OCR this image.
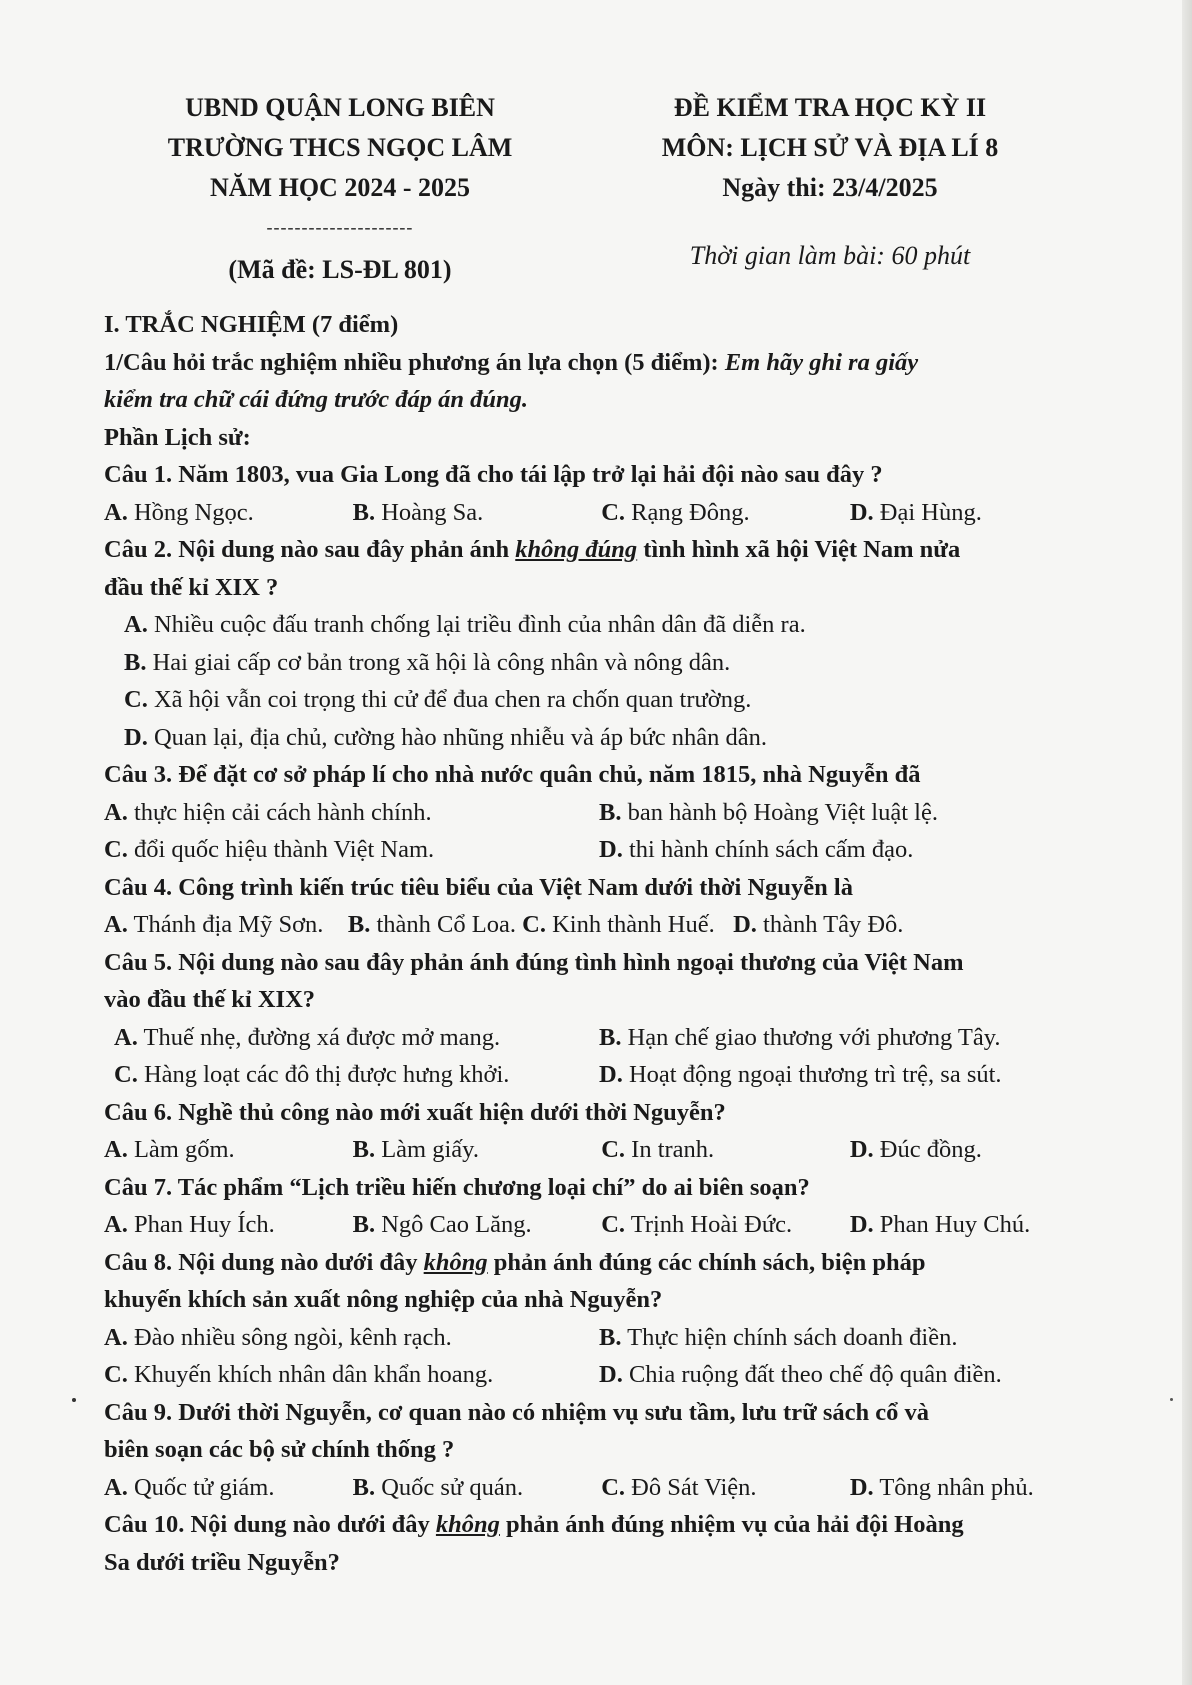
UBND QUẬN LONG BIÊN
TRƯỜNG THCS NGỌC LÂM
NĂM HỌC 2024 - 2025
---------------------
(Mã đề: LS-ĐL 801)
ĐỀ KIỂM TRA HỌC KỲ II
MÔN: LỊCH SỬ VÀ ĐỊA LÍ 8
Ngày thi: 23/4/2025
Thời gian làm bài: 60 phút
I. TRẮC NGHIỆM (7 điểm)
1/Câu hỏi trắc nghiệm nhiều phương án lựa chọn (5 điểm): Em hãy ghi ra giấy
kiểm tra chữ cái đứng trước đáp án đúng.
Phần Lịch sử:
Câu 1. Năm 1803, vua Gia Long đã cho tái lập trở lại hải đội nào sau đây ?
A. Hồng Ngọc.	B. Hoàng Sa.	C. Rạng Đông.	D. Đại Hùng.
Câu 2. Nội dung nào sau đây phản ánh không đúng tình hình xã hội Việt Nam nửa
đầu thế kỉ XIX ?
A. Nhiều cuộc đấu tranh chống lại triều đình của nhân dân đã diễn ra.
B. Hai giai cấp cơ bản trong xã hội là công nhân và nông dân.
C. Xã hội vẫn coi trọng thi cử để đua chen ra chốn quan trường.
D. Quan lại, địa chủ, cường hào nhũng nhiễu và áp bức nhân dân.
Câu 3. Để đặt cơ sở pháp lí cho nhà nước quân chủ, năm 1815, nhà Nguyễn đã
A. thực hiện cải cách hành chính.	B. ban hành bộ Hoàng Việt luật lệ.
C. đổi quốc hiệu thành Việt Nam.	D. thi hành chính sách cấm đạo.
Câu 4. Công trình kiến trúc tiêu biểu của Việt Nam dưới thời Nguyễn là
A. Thánh địa Mỹ Sơn. B. thành Cổ Loa. C. Kinh thành Huế. D. thành Tây Đô.
Câu 5. Nội dung nào sau đây phản ánh đúng tình hình ngoại thương của Việt Nam
vào đầu thế kỉ XIX?
A. Thuế nhẹ, đường xá được mở mang.	B. Hạn chế giao thương với phương Tây.
C. Hàng loạt các đô thị được hưng khởi.	D. Hoạt động ngoại thương trì trệ, sa sút.
Câu 6. Nghề thủ công nào mới xuất hiện dưới thời Nguyễn?
A. Làm gốm.	B. Làm giấy.	C. In tranh.	D. Đúc đồng.
Câu 7. Tác phẩm “Lịch triều hiến chương loại chí” do ai biên soạn?
A. Phan Huy Ích.	B. Ngô Cao Lăng.	C. Trịnh Hoài Đức.	D. Phan Huy Chú.
Câu 8. Nội dung nào dưới đây không phản ánh đúng các chính sách, biện pháp
khuyến khích sản xuất nông nghiệp của nhà Nguyễn?
A. Đào nhiều sông ngòi, kênh rạch.	B. Thực hiện chính sách doanh điền.
C. Khuyến khích nhân dân khẩn hoang.	D. Chia ruộng đất theo chế độ quân điền.
Câu 9. Dưới thời Nguyễn, cơ quan nào có nhiệm vụ sưu tầm, lưu trữ sách cổ và
biên soạn các bộ sử chính thống ?
A. Quốc tử giám.	B. Quốc sử quán.	C. Đô Sát Viện.	D. Tông nhân phủ.
Câu 10. Nội dung nào dưới đây không phản ánh đúng nhiệm vụ của hải đội Hoàng
Sa dưới triều Nguyễn?
